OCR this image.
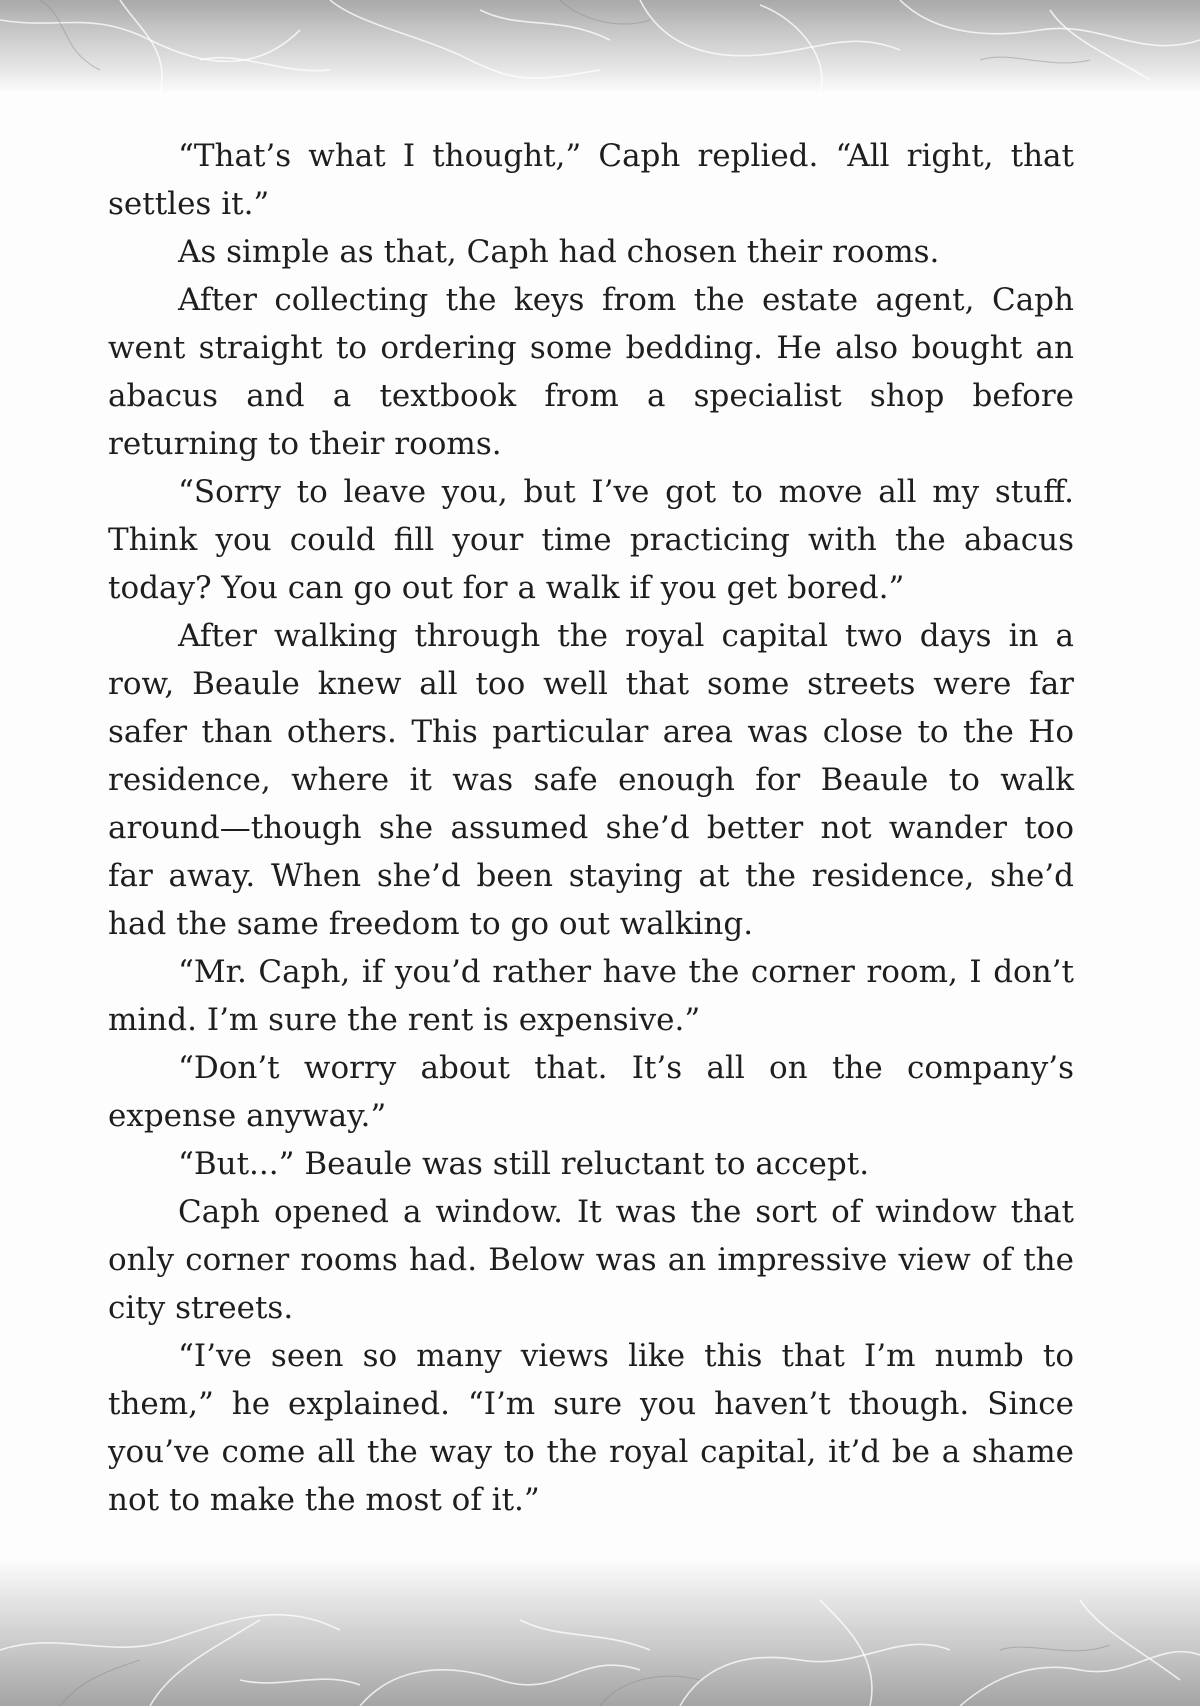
“That’s what I thought,” Caph replied. “All right, that settles it.”

As simple as that, Caph had chosen their rooms.

After collecting the keys from the estate agent, Caph went straight to ordering some bedding. He also bought an abacus and a textbook from a specialist shop before returning to their rooms.

“Sorry to leave you, but I’ve got to move all my stuff. Think you could fill your time practicing with the abacus today? You can go out for a walk if you get bored.”

After walking through the royal capital two days in a row, Beaule knew all too well that some streets were far safer than others. This particular area was close to the Ho residence, where it was safe enough for Beaule to walk around—though she assumed she’d better not wander too far away. When she’d been staying at the residence, she’d had the same freedom to go out walking.

“Mr. Caph, if you’d rather have the corner room, I don’t mind. I’m sure the rent is expensive.”

“Don’t worry about that. It’s all on the company’s expense anyway.”

“But...” Beaule was still reluctant to accept.

Caph opened a window. It was the sort of window that only corner rooms had. Below was an impressive view of the city streets.

“I’ve seen so many views like this that I’m numb to them,” he explained. “I’m sure you haven’t though. Since you’ve come all the way to the royal capital, it’d be a shame not to make the most of it.”
